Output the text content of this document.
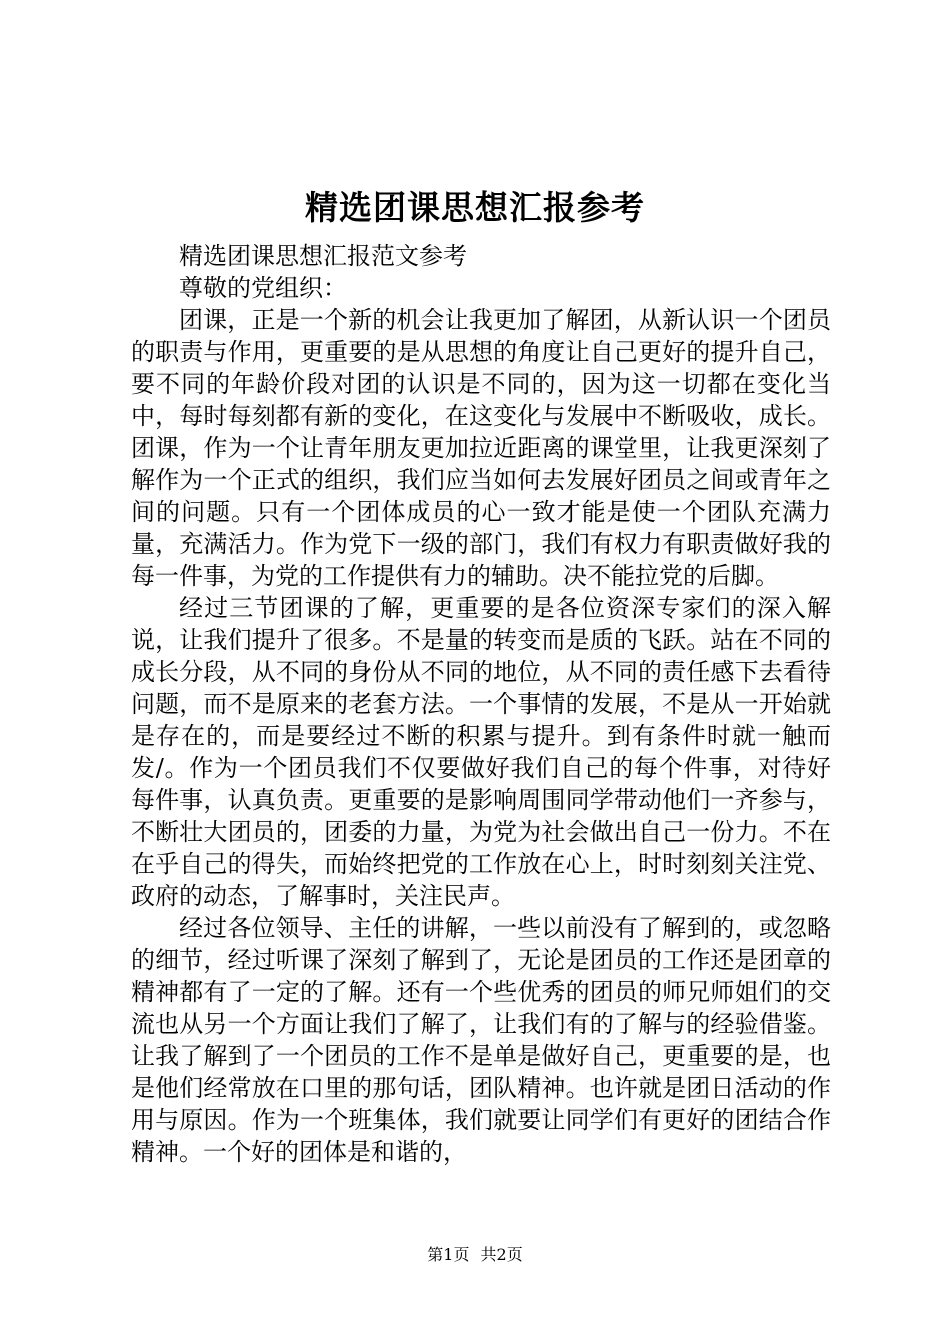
精选团课思想汇报参考

精选团课思想汇报范文参考

尊敬的党组织：

团课，正是一个新的机会让我更加了解团，从新认识一个团员的职责与作用，更重要的是从思想的角度让自己更好的提升自己，要不同的年龄价段对团的认识是不同的，因为这一切都在变化当中，每时每刻都有新的变化，在这变化与发展中不断吸收，成长。团课，作为一个让青年朋友更加拉近距离的课堂里，让我更深刻了解作为一个正式的组织，我们应当如何去发展好团员之间或青年之间的问题。只有一个团体成员的心一致才能是使一个团队充满力量，充满活力。作为党下一级的部门，我们有权力有职责做好我的每一件事，为党的工作提供有力的辅助。决不能拉党的后脚。

经过三节团课的了解，更重要的是各位资深专家们的深入解说，让我们提升了很多。不是量的转变而是质的飞跃。站在不同的成长分段，从不同的身份从不同的地位，从不同的责任感下去看待问题，而不是原来的老套方法。一个事情的发展，不是从一开始就是存在的，而是要经过不断的积累与提升。到有条件时就一触而发/。作为一个团员我们不仅要做好我们自己的每个件事，对待好每件事，认真负责。更重要的是影响周围同学带动他们一齐参与，不断壮大团员的，团委的力量，为党为社会做出自己一份力。不在在乎自己的得失，而始终把党的工作放在心上，时时刻刻关注党、政府的动态，了解事时，关注民声。

经过各位领导、主任的讲解，一些以前没有了解到的，或忽略的细节，经过听课了深刻了解到了，无论是团员的工作还是团章的精神都有了一定的了解。还有一个些优秀的团员的师兄师姐们的交流也从另一个方面让我们了解了，让我们有的了解与的经验借鉴。让我了解到了一个团员的工作不是单是做好自己，更重要的是，也是他们经常放在口里的那句话，团队精神。也许就是团日活动的作用与原因。作为一个班集体，我们就要让同学们有更好的团结合作精神。一个好的团体是和谐的，

第1页 共2页
